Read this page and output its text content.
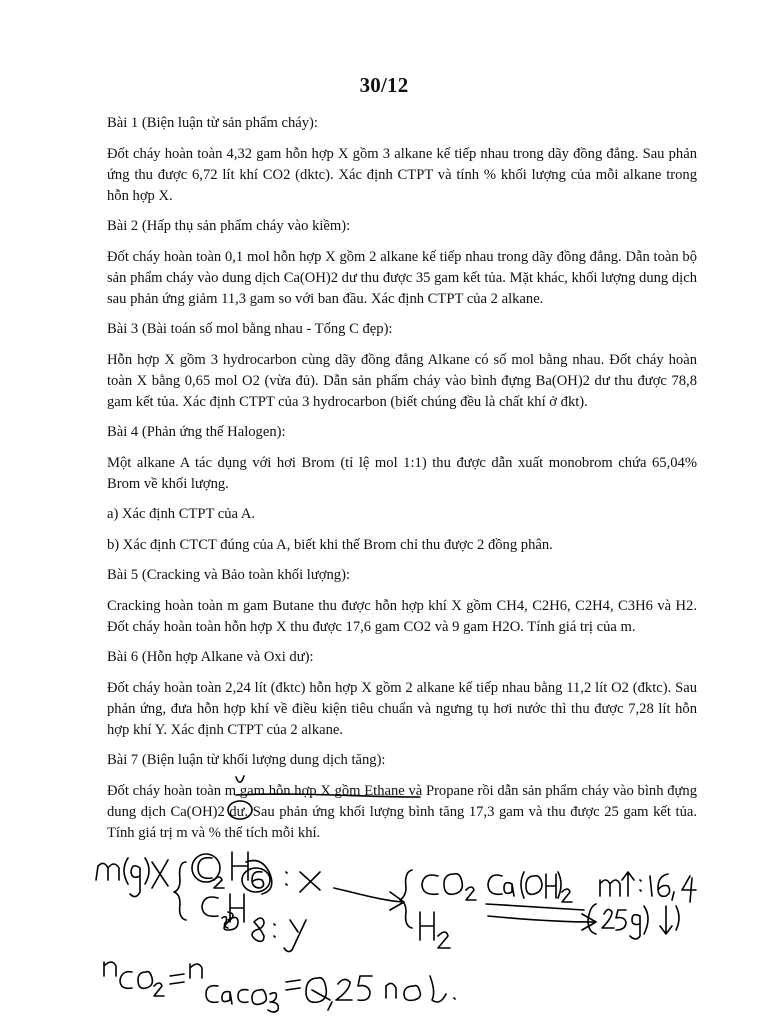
30/12

Bài 1 (Biện luận từ sản phẩm cháy):

Đốt cháy hoàn toàn 4,32 gam hỗn hợp X gồm 3 alkane kế tiếp nhau trong dãy đồng đẳng. Sau phản ứng thu được 6,72 lít khí CO2 (dktc). Xác định CTPT và tính % khối lượng của mỗi alkane trong hỗn hợp X.

Bài 2 (Hấp thụ sản phẩm cháy vào kiềm):

Đốt cháy hoàn toàn 0,1 mol hỗn hợp X gồm 2 alkane kế tiếp nhau trong dãy đồng đẳng. Dẫn toàn bộ sản phẩm cháy vào dung dịch Ca(OH)2 dư thu được 35 gam kết tủa. Mặt khác, khối lượng dung dịch sau phản ứng giảm 11,3 gam so với ban đầu. Xác định CTPT của 2 alkane.

Bài 3 (Bài toán số mol bằng nhau - Tổng C đẹp):

Hỗn hợp X gồm 3 hydrocarbon cùng dãy đồng đẳng Alkane có số mol bằng nhau. Đốt cháy hoàn toàn X bằng 0,65 mol O2 (vừa đủ). Dẫn sản phẩm cháy vào bình đựng Ba(OH)2 dư thu được 78,8 gam kết tủa. Xác định CTPT của 3 hydrocarbon (biết chúng đều là chất khí ở đkt).

Bài 4 (Phản ứng thế Halogen):

Một alkane A tác dụng với hơi Brom (tỉ lệ mol 1:1) thu được dẫn xuất monobrom chứa 65,04% Brom về khối lượng.

a) Xác định CTPT của A.

b) Xác định CTCT đúng của A, biết khi thế Brom chỉ thu được 2 đồng phân.

Bài 5 (Cracking và Bảo toàn khối lượng):

Cracking hoàn toàn m gam Butane thu được hỗn hợp khí X gồm CH4, C2H6, C2H4, C3H6 và H2. Đốt cháy hoàn toàn hỗn hợp X thu được 17,6 gam CO2 và 9 gam H2O. Tính giá trị của m.

Bài 6 (Hỗn hợp Alkane và Oxi dư):

Đốt cháy hoàn toàn 2,24 lít (đktc) hỗn hợp X gồm 2 alkane kế tiếp nhau bằng 11,2 lít O2 (đktc). Sau phản ứng, đưa hỗn hợp khí về điều kiện tiêu chuẩn và ngưng tụ hơi nước thì thu được 7,28 lít hỗn hợp khí Y. Xác định CTPT của 2 alkane.

Bài 7 (Biện luận từ khối lượng dung dịch tăng):

Đốt cháy hoàn toàn m gam hỗn hợp X gồm Ethane và Propane rồi dẫn sản phẩm cháy vào bình đựng dung dịch Ca(OH)2 dư. Sau phản ứng khối lượng bình tăng 17,3 gam và thu được 25 gam kết tủa. Tính giá trị m và % thể tích mỗi khí.
